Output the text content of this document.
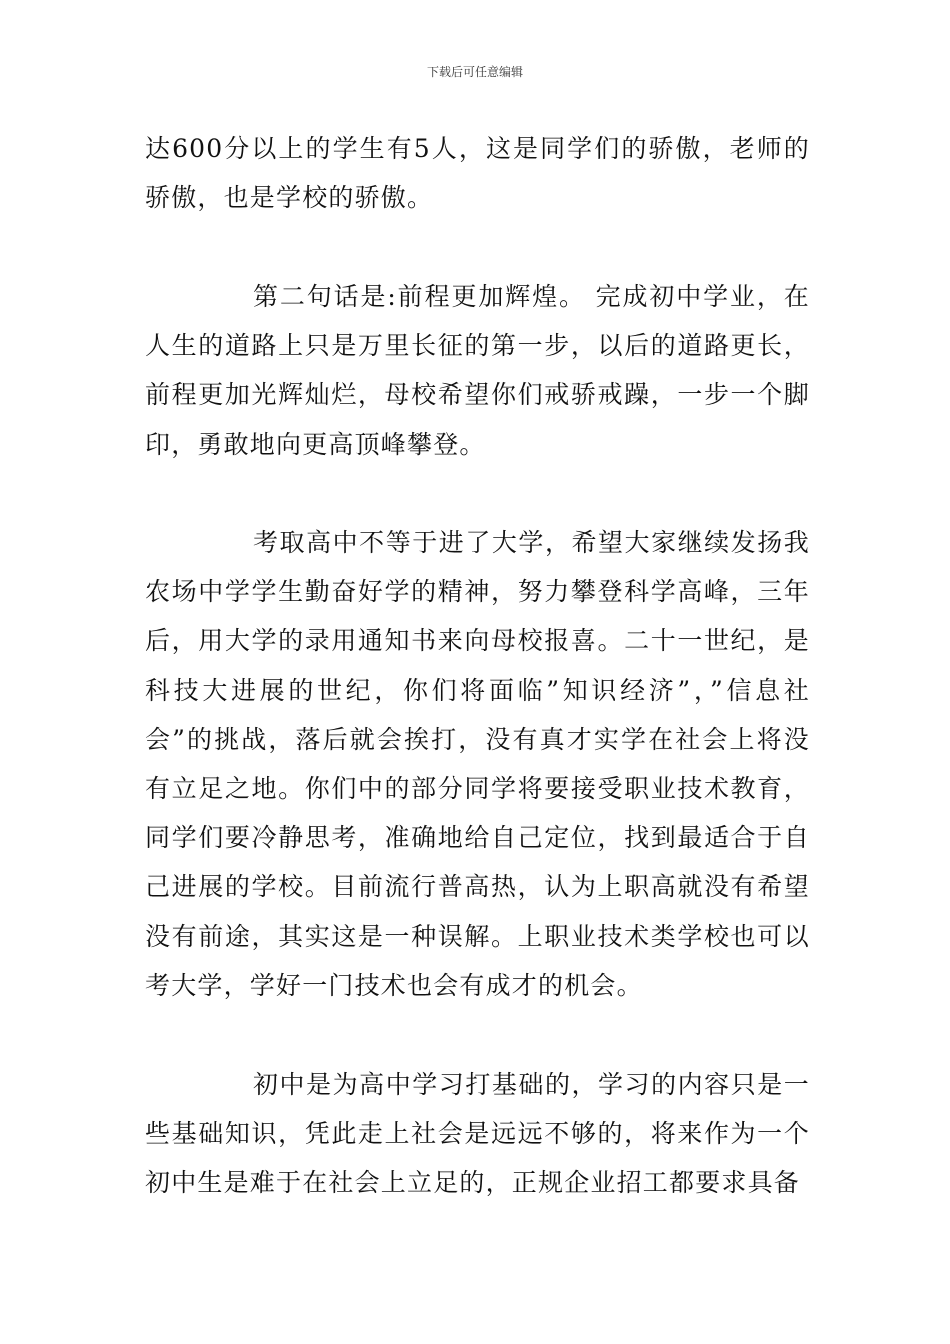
下载后可任意编辑

达600分以上的学生有5人，这是同学们的骄傲，老师的骄傲，也是学校的骄傲。

第二句话是:前程更加辉煌。 完成初中学业，在人生的道路上只是万里长征的第一步，以后的道路更长，前程更加光辉灿烂，母校希望你们戒骄戒躁，一步一个脚印，勇敢地向更高顶峰攀登。

考取高中不等于进了大学，希望大家继续发扬我农场中学学生勤奋好学的精神，努力攀登科学高峰，三年后，用大学的录用通知书来向母校报喜。二十一世纪，是科技大进展的世纪，你们将面临”知识经济”，”信息社会”的挑战，落后就会挨打，没有真才实学在社会上将没有立足之地。你们中的部分同学将要接受职业技术教育，同学们要冷静思考，准确地给自己定位，找到最适合于自己进展的学校。目前流行普高热，认为上职高就没有希望没有前途，其实这是一种误解。上职业技术类学校也可以考大学，学好一门技术也会有成才的机会。

初中是为高中学习打基础的，学习的内容只是一些基础知识，凭此走上社会是远远不够的，将来作为一个初中生是难于在社会上立足的，正规企业招工都要求具备
